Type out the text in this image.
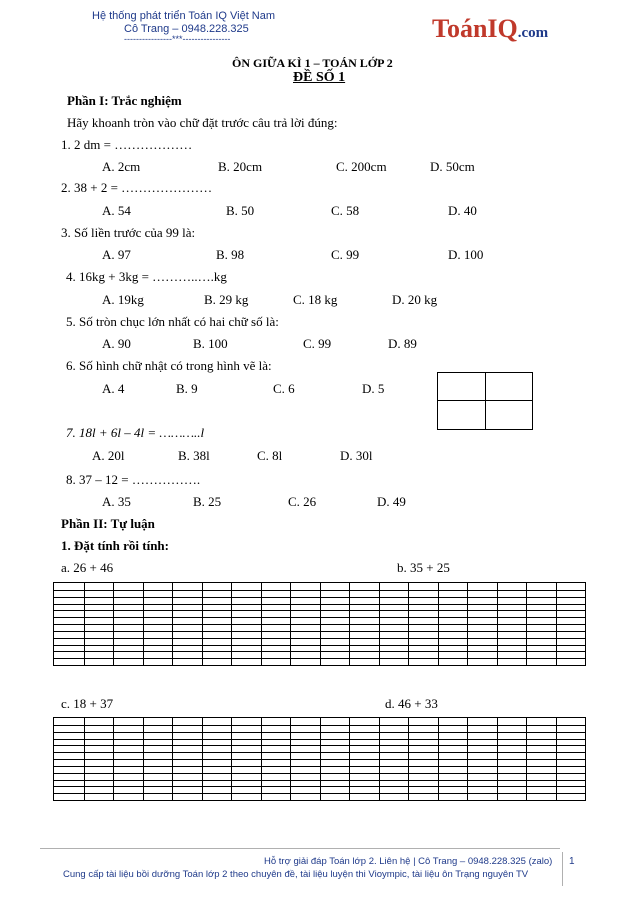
Hệ thống phát triển Toán IQ Việt Nam
Cô Trang – 0948.228.325
----------------***----------------	ToánIQ.com
ÔN GIỮA KÌ 1 – TOÁN LỚP 2
ĐỀ SỐ 1
Phần I: Trắc nghiệm
Hãy khoanh tròn vào chữ đặt trước câu trả lời đúng:
1. 2 dm = ………………
A. 2cm	B. 20cm	C. 200cm	D. 50cm
2. 38 + 2 = …………………
A. 54	B. 50	C. 58	D. 40
3. Số liền trước của 99 là:
A. 97	B. 98	C. 99	D. 100
4. 16kg + 3kg = ………..….kg
A. 19kg	B. 29 kg	C. 18 kg	D. 20 kg
5. Số tròn chục lớn nhất có hai chữ số là:
A. 90	B. 100	C. 99	D. 89
6. Số hình chữ nhật có trong hình vẽ là:
A. 4	B. 9	C. 6	D. 5
7. 18l + 6l – 4l = ………..l
A. 20l	B. 38l	C. 8l	D. 30l
8. 37 – 12 = …………….
A. 35	B. 25	C. 26	D. 49
Phần II: Tự luận
1. Đặt tính rồi tính:
a. 26 + 46	b. 35 + 25
c. 18 + 37	d. 46 + 33
Hỗ trợ giải đáp Toán lớp 2. Liên hệ | Cô Trang – 0948.228.325 (zalo)
Cung cấp tài liệu bồi dưỡng Toán lớp 2 theo chuyên đề, tài liệu luyện thi Vioympic, tài liệu ôn Trạng nguyên TV
1
